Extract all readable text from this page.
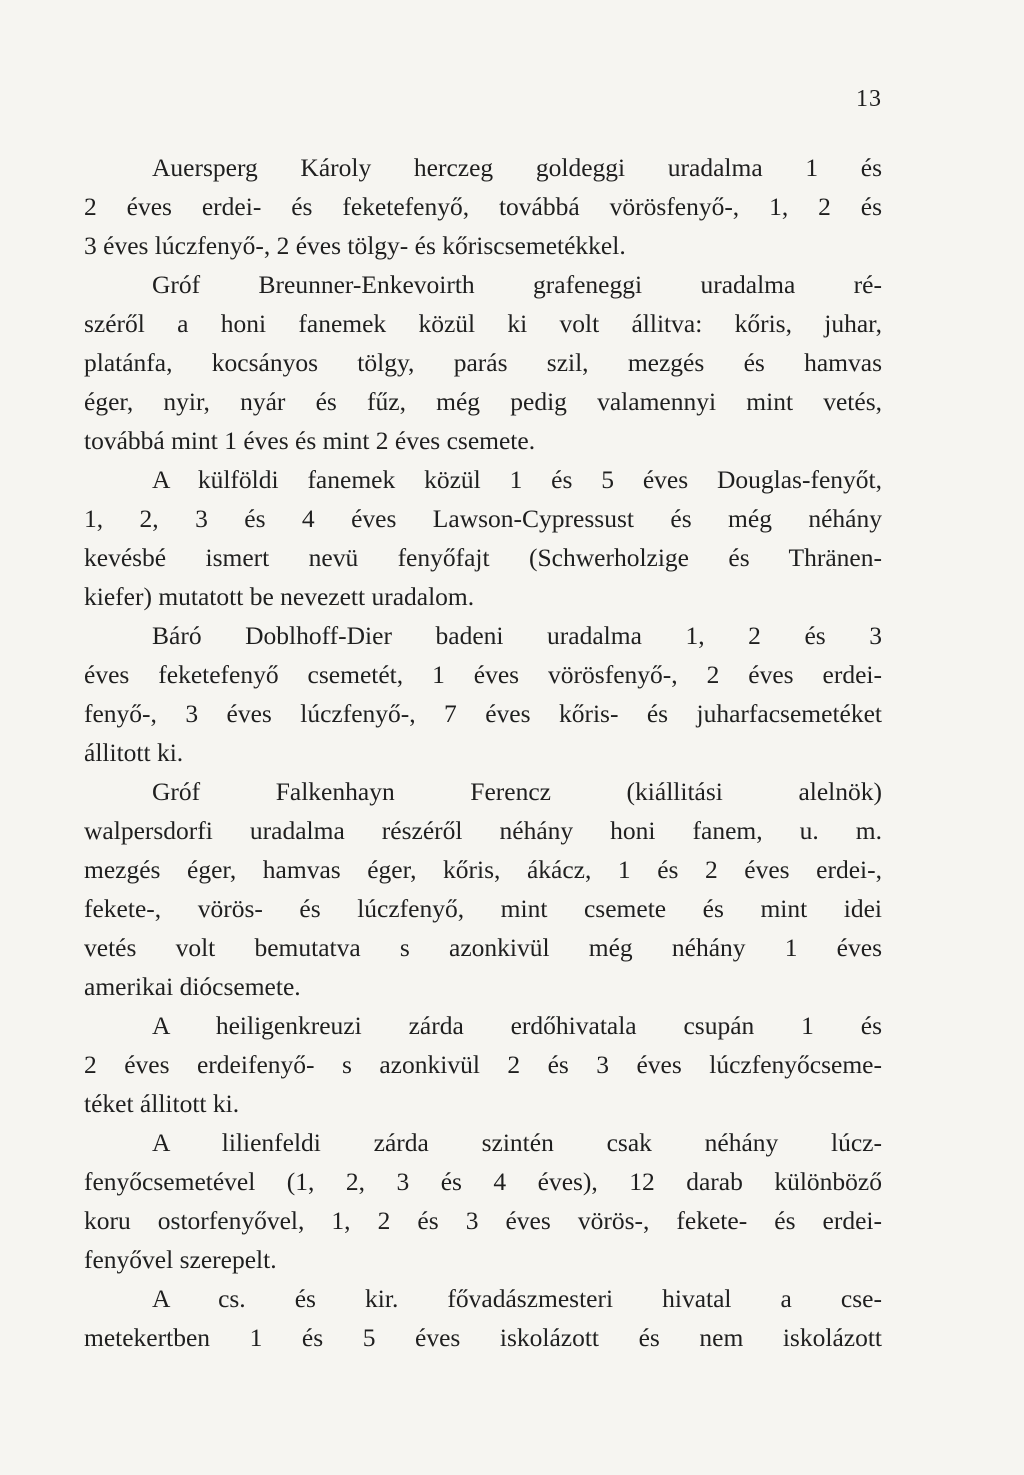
13
Auersperg Károly herczeg goldeggi uradalma 1 és
2 éves erdei- és feketefenyő, továbbá vörösfenyő-, 1, 2 és
3 éves lúczfenyő-, 2 éves tölgy- és kőriscsemetékkel.
Gróf Breunner-Enkevoirth grafeneggi uradalma ré-
széről a honi fanemek közül ki volt állitva: kőris, juhar,
platánfa, kocsányos tölgy, parás szil, mezgés és hamvas
éger, nyir, nyár és fűz, még pedig valamennyi mint vetés,
továbbá mint 1 éves és mint 2 éves csemete.
A külföldi fanemek közül 1 és 5 éves Douglas-fenyőt,
1, 2, 3 és 4 éves Lawson-Cypressust és még néhány
kevésbé ismert nevü fenyőfajt (Schwerholzige és Thränen-
kiefer) mutatott be nevezett uradalom.
Báró Doblhoff-Dier badeni uradalma 1, 2 és 3
éves feketefenyő csemetét, 1 éves vörösfenyő-, 2 éves erdei-
fenyő-, 3 éves lúczfenyő-, 7 éves kőris- és juharfacsemetéket
állitott ki.
Gróf Falkenhayn Ferencz (kiállitási alelnök)
walpersdorfi uradalma részéről néhány honi fanem, u. m.
mezgés éger, hamvas éger, kőris, ákácz, 1 és 2 éves erdei-,
fekete-, vörös- és lúczfenyő, mint csemete és mint idei
vetés volt bemutatva s azonkivül még néhány 1 éves
amerikai diócsemete.
A heiligenkreuzi zárda erdőhivatala csupán 1 és
2 éves erdeifenyő- s azonkivül 2 és 3 éves lúczfenyőcseme-
téket állitott ki.
A lilienfeldi zárda szintén csak néhány lúcz-
fenyőcsemetével (1, 2, 3 és 4 éves), 12 darab különböző
koru ostorfenyővel, 1, 2 és 3 éves vörös-, fekete- és erdei-
fenyővel szerepelt.
A cs. és kir. fővadászmesteri hivatal a cse-
metekertben 1 és 5 éves iskolázott és nem iskolázott
